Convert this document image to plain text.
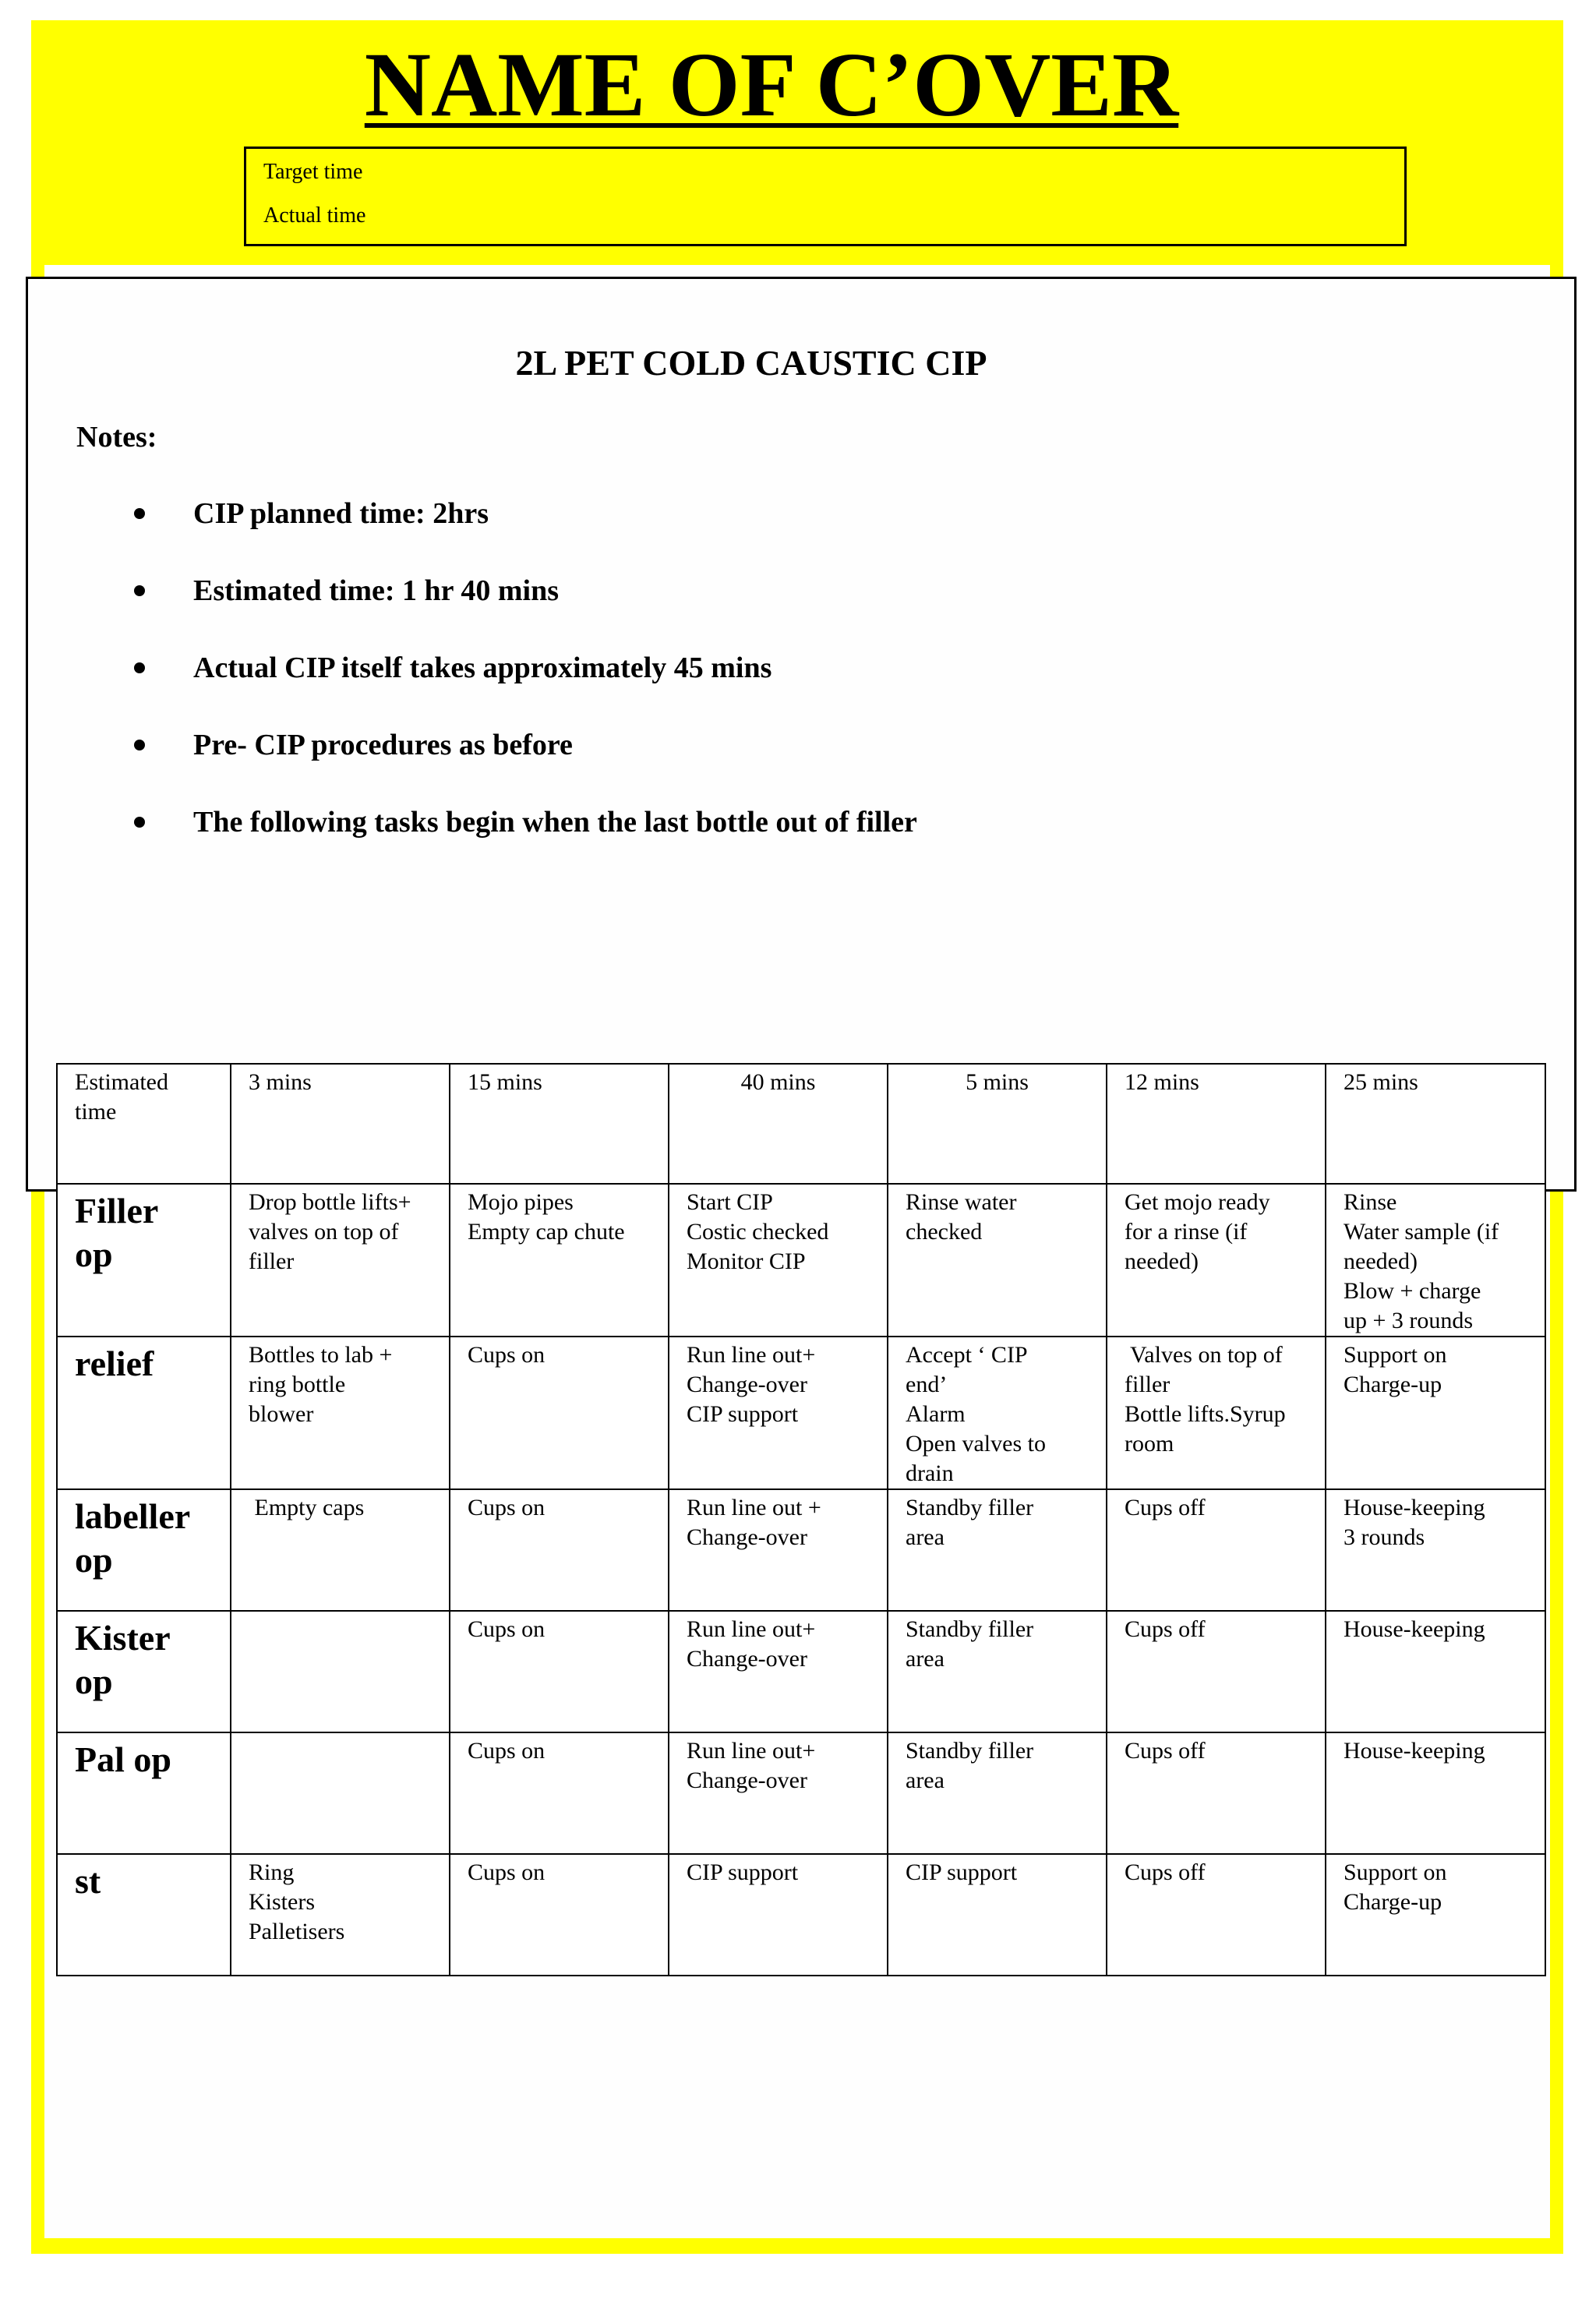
NAME OF C’OVER
Target time
Actual time
2L PET COLD CAUSTIC CIP
Notes:
CIP planned time: 2hrs
Estimated time: 1 hr 40 mins
Actual CIP itself takes approximately 45 mins
Pre- CIP procedures as before
The following tasks begin when the last bottle out of filler
Estimated
time	3 mins	15 mins	40 mins	5 mins	12 mins	25 mins

Filler
op	Drop bottle lifts+
valves on top of
filler	Mojo pipes
Empty cap chute	Start CIP
Costic checked
Monitor CIP	Rinse water
checked	Get mojo ready
for a rinse (if
needed)	Rinse
Water sample (if
needed)
Blow + charge
up + 3 rounds

relief	Bottles to lab +
ring bottle
blower	Cups on	Run line out+
Change-over
CIP support	Accept ‘ CIP
end’
Alarm
Open valves to
drain	Valves on top of
filler
Bottle lifts.Syrup
room	Support on
Charge-up

labeller
op	Empty caps	Cups on	Run line out +
Change-over	Standby filler
area	Cups off	House-keeping
3 rounds

Kister
op		Cups on	Run line out+
Change-over	Standby filler
area	Cups off	House-keeping

Pal op		Cups on	Run line out+
Change-over	Standby filler
area	Cups off	House-keeping

st	Ring
Kisters
Palletisers	Cups on	CIP support	CIP support	Cups off	Support on
Charge-up
